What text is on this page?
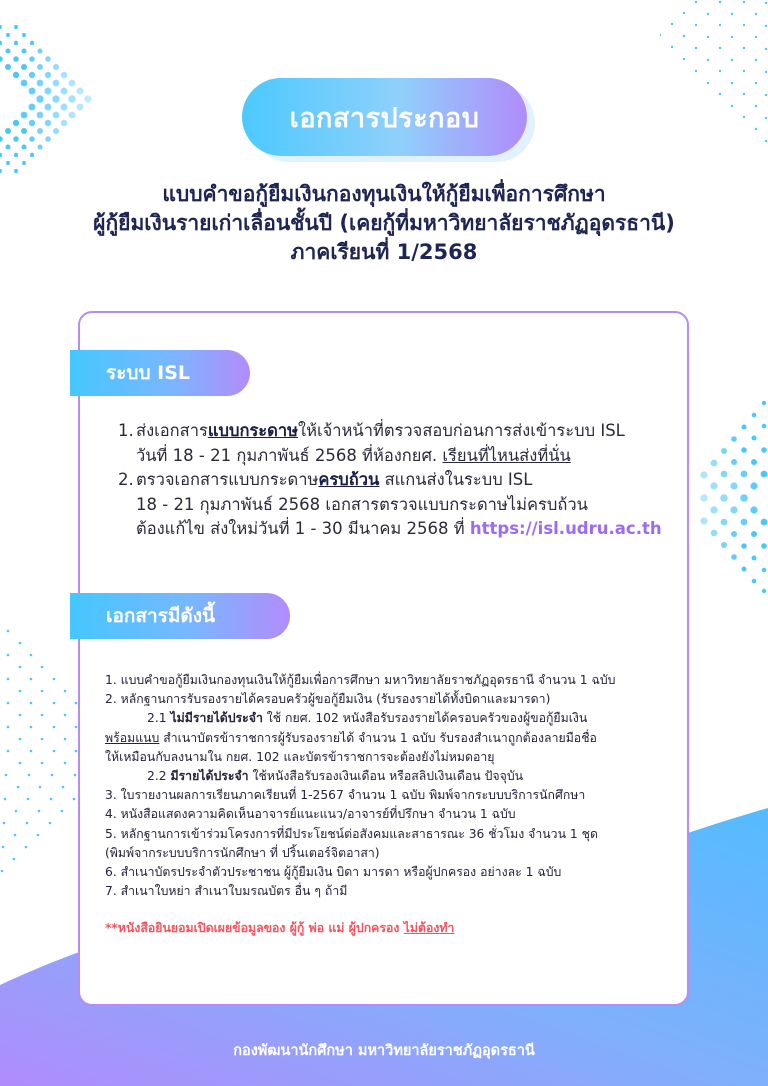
เอกสารประกอบ
แบบคำขอกู้ยืมเงินกองทุนเงินให้กู้ยืมเพื่อการศึกษา
ผู้กู้ยืมเงินรายเก่าเลื่อนชั้นปี (เคยกู้ที่มหาวิทยาลัยราชภัฏอุดรธานี)
ภาคเรียนที่ 1/2568
ระบบ ISL
1. ส่งเอกสารแบบกระดาษให้เจ้าหน้าที่ตรวจสอบก่อนการส่งเข้าระบบ ISL
วันที่ 18 - 21 กุมภาพันธ์ 2568 ที่ห้องกยศ. เรียนที่ไหนส่งที่นั่น
2. ตรวจเอกสารแบบกระดาษครบถ้วน สแกนส่งในระบบ ISL
18 - 21 กุมภาพันธ์ 2568 เอกสารตรวจแบบกระดาษไม่ครบถ้วน
ต้องแก้ไข ส่งใหม่วันที่ 1 - 30 มีนาคม 2568 ที่ https://isl.udru.ac.th
เอกสารมีดังนี้
1. แบบคำขอกู้ยืมเงินกองทุนเงินให้กู้ยืมเพื่อการศึกษา มหาวิทยาลัยราชภัฏอุดรธานี จำนวน 1 ฉบับ
2. หลักฐานการรับรองรายได้ครอบครัวผู้ขอกู้ยืมเงิน (รับรองรายได้ทั้งบิดาและมารดา)
2.1 ไม่มีรายได้ประจำ ใช้ กยศ. 102 หนังสือรับรองรายได้ครอบครัวของผู้ขอกู้ยืมเงิน
พร้อมแนบ สำเนาบัตรข้าราชการผู้รับรองรายได้ จำนวน 1 ฉบับ รับรองสำเนาถูกต้องลายมือชื่อ
ให้เหมือนกับลงนามใน กยศ. 102 และบัตรข้าราชการจะต้องยังไม่หมดอายุ
2.2 มีรายได้ประจำ ใช้หนังสือรับรองเงินเดือน หรือสลิปเงินเดือน ปัจจุบัน
3. ใบรายงานผลการเรียนภาคเรียนที่ 1-2567 จำนวน 1 ฉบับ พิมพ์จากระบบบริการนักศึกษา
4. หนังสือแสดงความคิดเห็นอาจารย์แนะแนว/อาจารย์ที่ปรึกษา จำนวน 1 ฉบับ
5. หลักฐานการเข้าร่วมโครงการที่มีประโยชน์ต่อสังคมและสาธารณะ 36 ชั่วโมง จำนวน 1 ชุด
(พิมพ์จากระบบบริการนักศึกษา ที่ ปริ้นเตอร์จิตอาสา)
6. สำเนาบัตรประจำตัวประชาชน ผู้กู้ยืมเงิน บิดา มารดา หรือผู้ปกครอง อย่างละ 1 ฉบับ
7. สำเนาใบหย่า สำเนาใบมรณบัตร อื่น ๆ ถ้ามี
**หนังสือยินยอมเปิดเผยข้อมูลของ ผู้กู้ พ่อ แม่ ผู้ปกครอง ไม่ต้องทำ
กองพัฒนานักศึกษา มหาวิทยาลัยราชภัฏอุดรธานี
